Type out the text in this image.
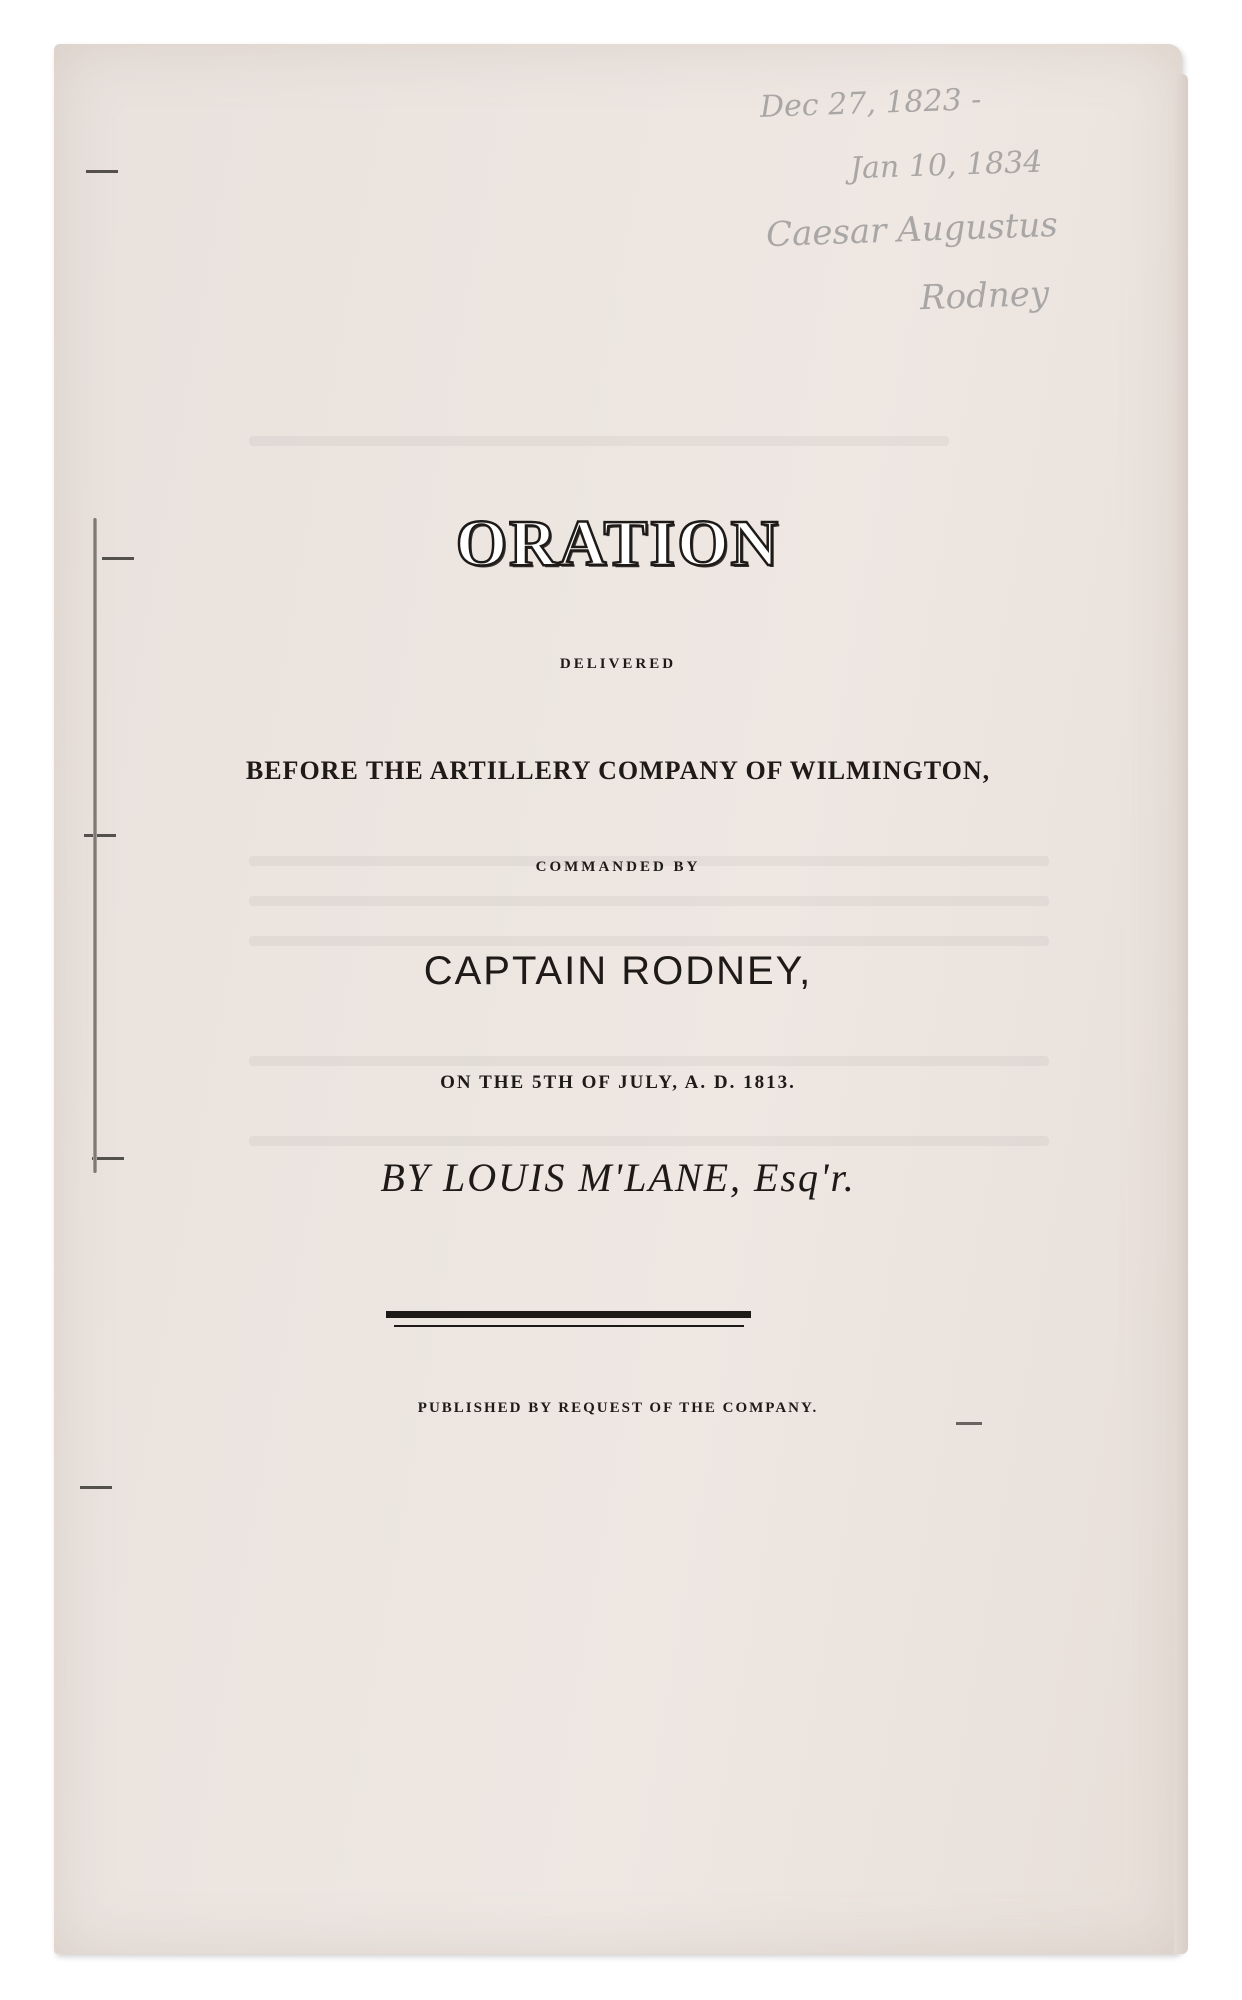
Dec 27, 1823 -
Jan 10, 1834
Caesar Augustus
Rodney
ORATION
DELIVERED
BEFORE THE ARTILLERY COMPANY OF WILMINGTON,
COMMANDED BY
CAPTAIN RODNEY,
ON THE 5TH OF JULY, A. D. 1813.
BY LOUIS M'LANE, Esq'r.
PUBLISHED BY REQUEST OF THE COMPANY.
